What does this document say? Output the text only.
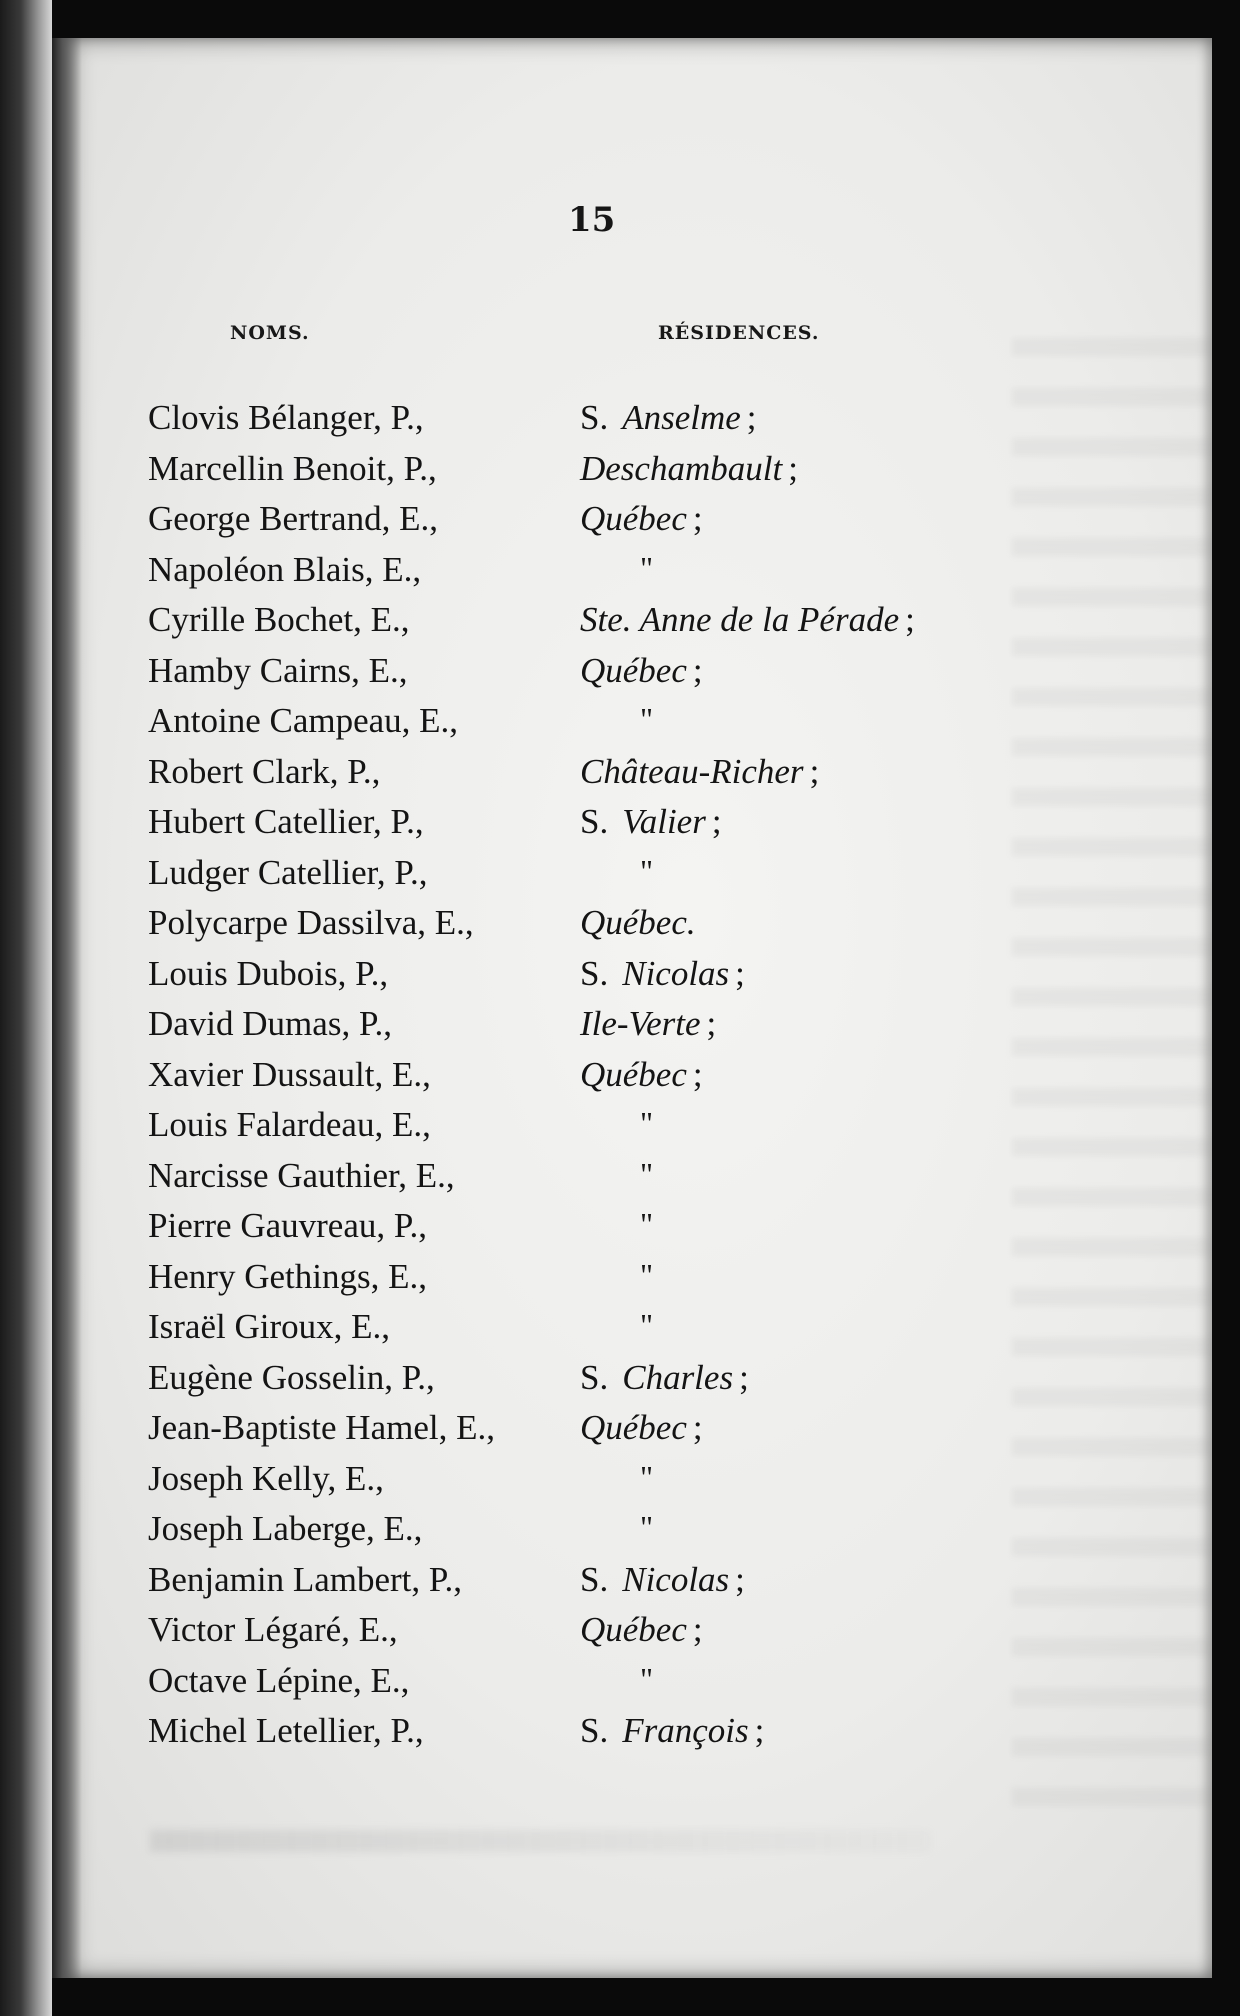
15
NOMS.	RÉSIDENCES.
Clovis Bélanger, P.,	S. Anselme ;
Marcellin Benoit, P.,	Deschambault ;
George Bertrand, E.,	Québec ;
Napoléon Blais, E.,	"
Cyrille Bochet, E.,	Ste. Anne de la Pérade ;
Hamby Cairns, E.,	Québec ;
Antoine Campeau, E.,	"
Robert Clark, P.,	Château-Richer ;
Hubert Catellier, P.,	S. Valier ;
Ludger Catellier, P.,	"
Polycarpe Dassilva, E.,	Québec.
Louis Dubois, P.,	S. Nicolas ;
David Dumas, P.,	Ile-Verte ;
Xavier Dussault, E.,	Québec ;
Louis Falardeau, E.,	"
Narcisse Gauthier, E.,	"
Pierre Gauvreau, P.,	"
Henry Gethings, E.,	"
Israël Giroux, E.,	"
Eugène Gosselin, P.,	S. Charles ;
Jean-Baptiste Hamel, E., Québec ;
Joseph Kelly, E.,	"
Joseph Laberge, E.,	"
Benjamin Lambert, P.,	S. Nicolas ;
Victor Légaré, E.,	Québec ;
Octave Lépine, E.,	"
Michel Letellier, P.,	S. François ;
